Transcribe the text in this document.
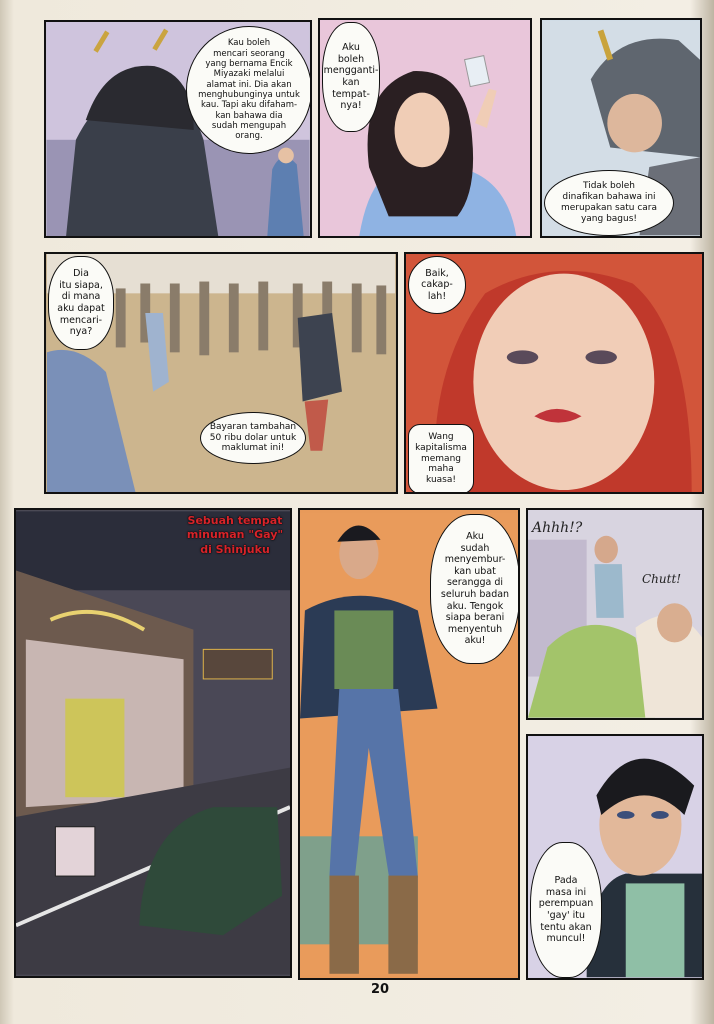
Kau boleh
mencari seorang
yang bernama Encik
Miyazaki melalui
alamat ini. Dia akan
menghubunginya untuk
kau. Tapi aku difaham-
kan bahawa dia
sudah mengupah
orang.
Aku
boleh
mengganti-
kan
tempat-
nya!
Tidak boleh
dinafikan bahawa ini
merupakan satu cara
yang bagus!
Dia
itu siapa,
di mana
aku dapat
mencari-
nya?
Bayaran tambahan
50 ribu dolar untuk
maklumat ini!
Baik,
cakap-
lah!
Wang
kapitalisma
memang
maha
kuasa!
Sebuah tempat
minuman "Gay"
di Shinjuku
Aku
sudah
menyembur-
kan ubat
serangga di
seluruh badan
aku. Tengok
siapa berani
menyentuh
aku!
Ahhh!?
Chutt!
Pada
masa ini
perempuan
'gay' itu
tentu akan
muncul!
20
